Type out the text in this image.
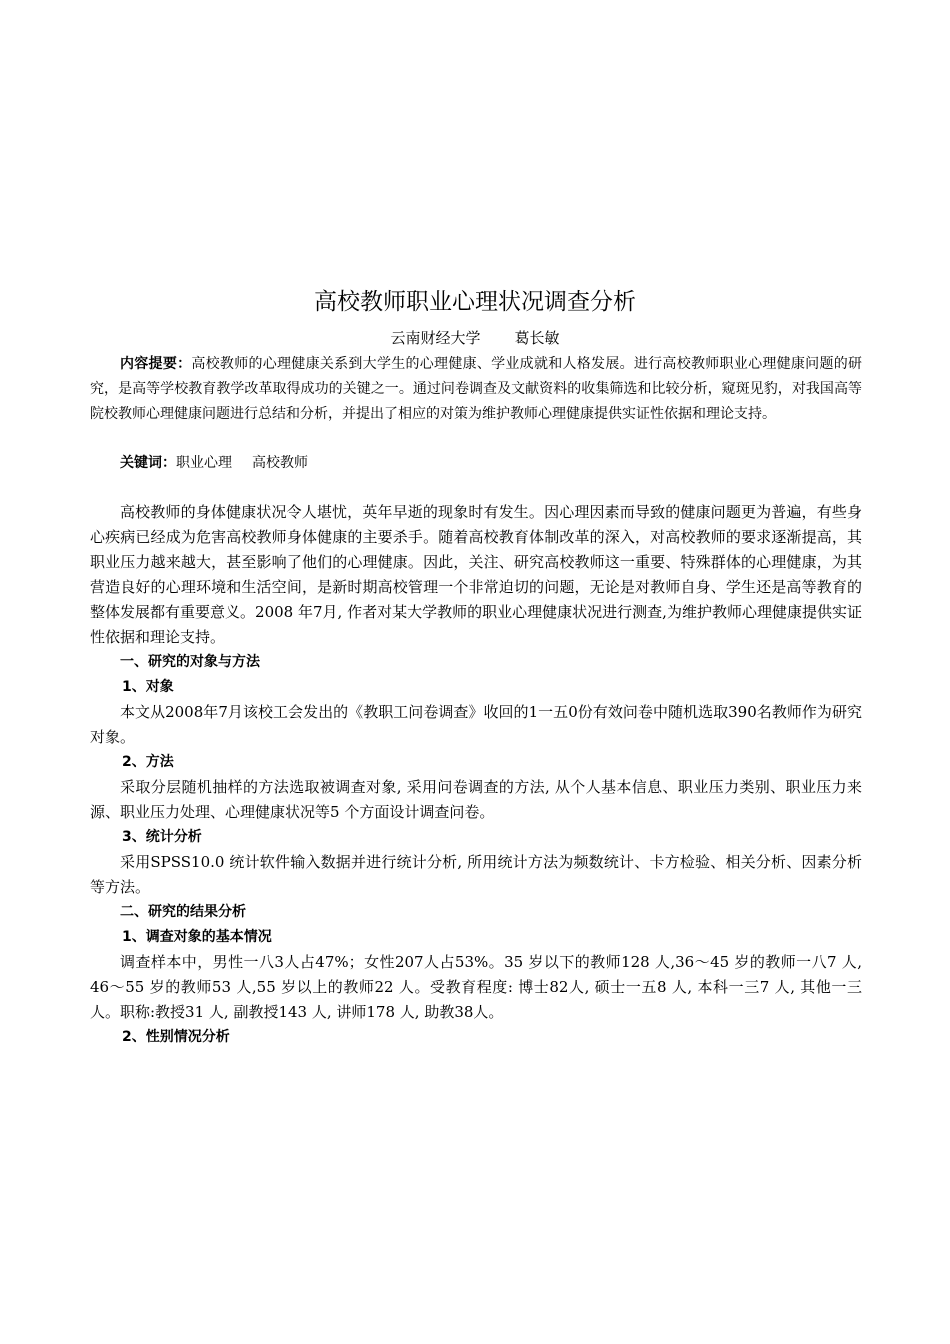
高校教师职业心理状况调查分析
云南财经大学 葛长敏

内容提要：高校教师的心理健康关系到大学生的心理健康、学业成就和人格发展。进行高校教师职业心理健康问题的研究，是高等学校教育教学改革取得成功的关键之一。通过问卷调查及文献资料的收集筛选和比较分析，窥斑见豹，对我国高等院校教师心理健康问题进行总结和分析，并提出了相应的对策为维护教师心理健康提供实证性依据和理论支持。

关键词：职业心理 高校教师

高校教师的身体健康状况令人堪忧，英年早逝的现象时有发生。因心理因素而导致的健康问题更为普遍，有些身心疾病已经成为危害高校教师身体健康的主要杀手。随着高校教育体制改革的深入，对高校教师的要求逐渐提高，其职业压力越来越大，甚至影响了他们的心理健康。因此，关注、研究高校教师这一重要、特殊群体的心理健康，为其营造良好的心理环境和生活空间，是新时期高校管理一个非常迫切的问题，无论是对教师自身、学生还是高等教育的整体发展都有重要意义。2008 年7月, 作者对某大学教师的职业心理健康状况进行测查,为维护教师心理健康提供实证性依据和理论支持。

一、研究的对象与方法
1、对象

本文从2008年7月该校工会发出的《教职工问卷调查》收回的1一五0份有效问卷中随机选取390名教师作为研究对象。

2、方法

采取分层随机抽样的方法选取被调查对象, 采用问卷调查的方法, 从个人基本信息、职业压力类别、职业压力来源、职业压力处理、心理健康状况等5 个方面设计调查问卷。

3、统计分析

采用SPSS10.0 统计软件输入数据并进行统计分析, 所用统计方法为频数统计、卡方检验、相关分析、因素分析等方法。

二、研究的结果分析
1、调查对象的基本情况

调查样本中，男性一八3人占47%；女性207人占53%。35 岁以下的教师128 人,36～45 岁的教师一八7 人, 46～55 岁的教师53 人,55 岁以上的教师22 人。受教育程度: 博士82人, 硕士一五8 人, 本科一三7 人, 其他一三 人。职称:教授31 人, 副教授143 人, 讲师178 人, 助教38人。

2、性别情况分析
